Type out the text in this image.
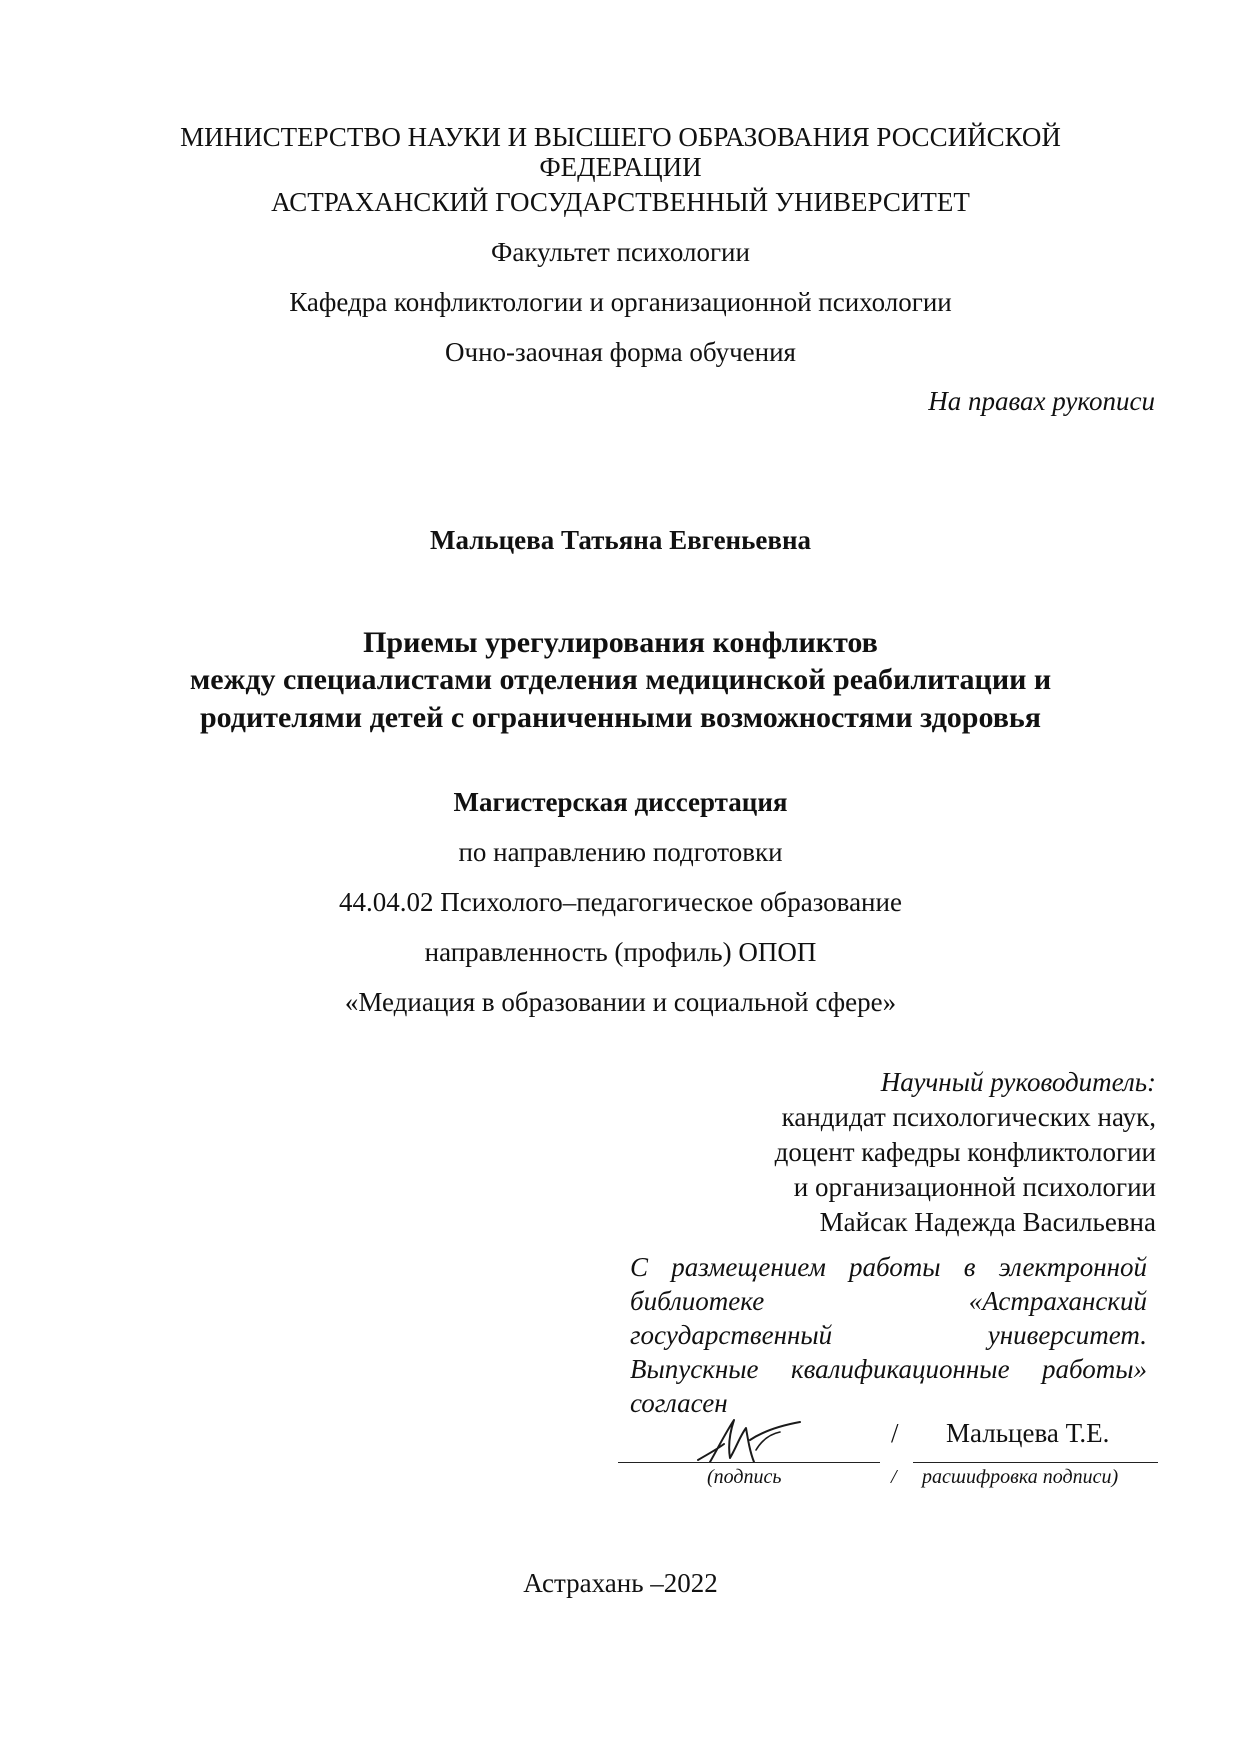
МИНИСТЕРСТВО НАУКИ И ВЫСШЕГО ОБРАЗОВАНИЯ РОССИЙСКОЙ
ФЕДЕРАЦИИ
АСТРАХАНСКИЙ ГОСУДАРСТВЕННЫЙ УНИВЕРСИТЕТ
Факультет психологии
Кафедра конфликтологии и организационной психологии
Очно-заочная форма обучения
На правах рукописи
Мальцева Татьяна Евгеньевна
Приемы урегулирования конфликтов
между специалистами отделения медицинской реабилитации и
родителями детей с ограниченными возможностями здоровья
Магистерская диссертация
по направлению подготовки
44.04.02 Психолого–педагогическое образование
направленность (профиль) ОПОП
«Медиация в образовании и социальной сфере»
Научный руководитель:
кандидат психологических наук,
доцент кафедры конфликтологии
и организационной психологии
Майсак Надежда Васильевна
С размещением работы в электронной
библиотеке «Астраханский
государственный университет.
Выпускные квалификационные работы»
согласен
/ Мальцева Т.Е.
(подпись	/ расшифровка подписи)
Астрахань –2022
